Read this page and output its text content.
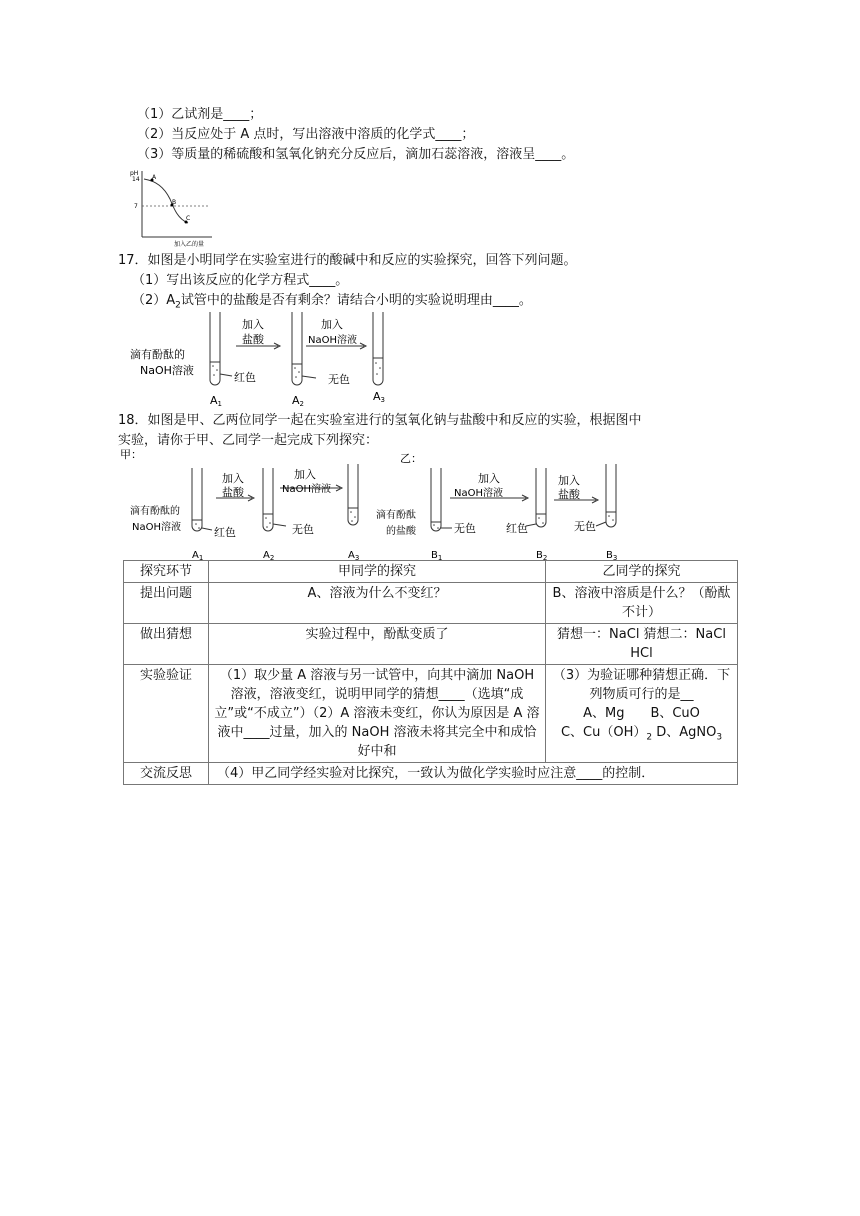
（1）乙试剂是____；
（2）当反应处于 A 点时，写出溶液中溶质的化学式____；
（3）等质量的稀硫酸和氢氧化钠充分反应后，滴加石蕊溶液，溶液呈____。
pH
14
7
A
B
C
加入乙的量
17．如图是小明同学在实验室进行的酸碱中和反应的实验探究，回答下列问题。
（1）写出该反应的化学方程式____。
$(2)A_2$试管中的盐酸是否有剩余？请结合小明的实验说明理由____。
滴有酚酞的
NaOH溶液
加入
盐酸
加入
NaOH溶液
红色	无色
A1	A2
A3
18．如图是甲、乙两位同学一起在实验室进行的氢氧化钠与盐酸中和反应的实验，根据图中
实验，请你于甲、乙同学一起完成下列探究：
甲：	乙：
滴有酚酞的
NaOH溶液
加入
盐酸
加入
NaOH溶液
红色	无色
滴有酚酞
的盐酸
加入
NaOH溶液
加入
盐酸
无色	红色	无色
$A_1$	$A_2$	$A_3$	$B_1$	$B_2$	$B_3$
探究环节	甲同学的探究	乙同学的探究
提出问题	A、溶液为什么不变红？	B、溶液中溶质是什么？（酚酞不计）
做出猜想	实验过程中，酚酞变质了	猜想一：NaCl 猜想二：NaCl
HCl

实验验证	（1）取少量 A 溶液与另一试管中，向其中滴加 NaOH 溶液，溶液变红，说明甲同学的猜想____（选填“成立”或“不成立”）（2）A 溶液未变红，你认为原因是 A 溶液中____过量，加入的 NaOH 溶液未将其完全中和成恰好中和	（3）为验证哪种猜想正确．下列物质可行的是__
A、Mg　　B、CuO
C、$Cu(OH)_2$ D、AgNO$_3$

交流反思	（4）甲乙同学经实验对比探究，一致认为做化学实验时应注意____的控制．	
